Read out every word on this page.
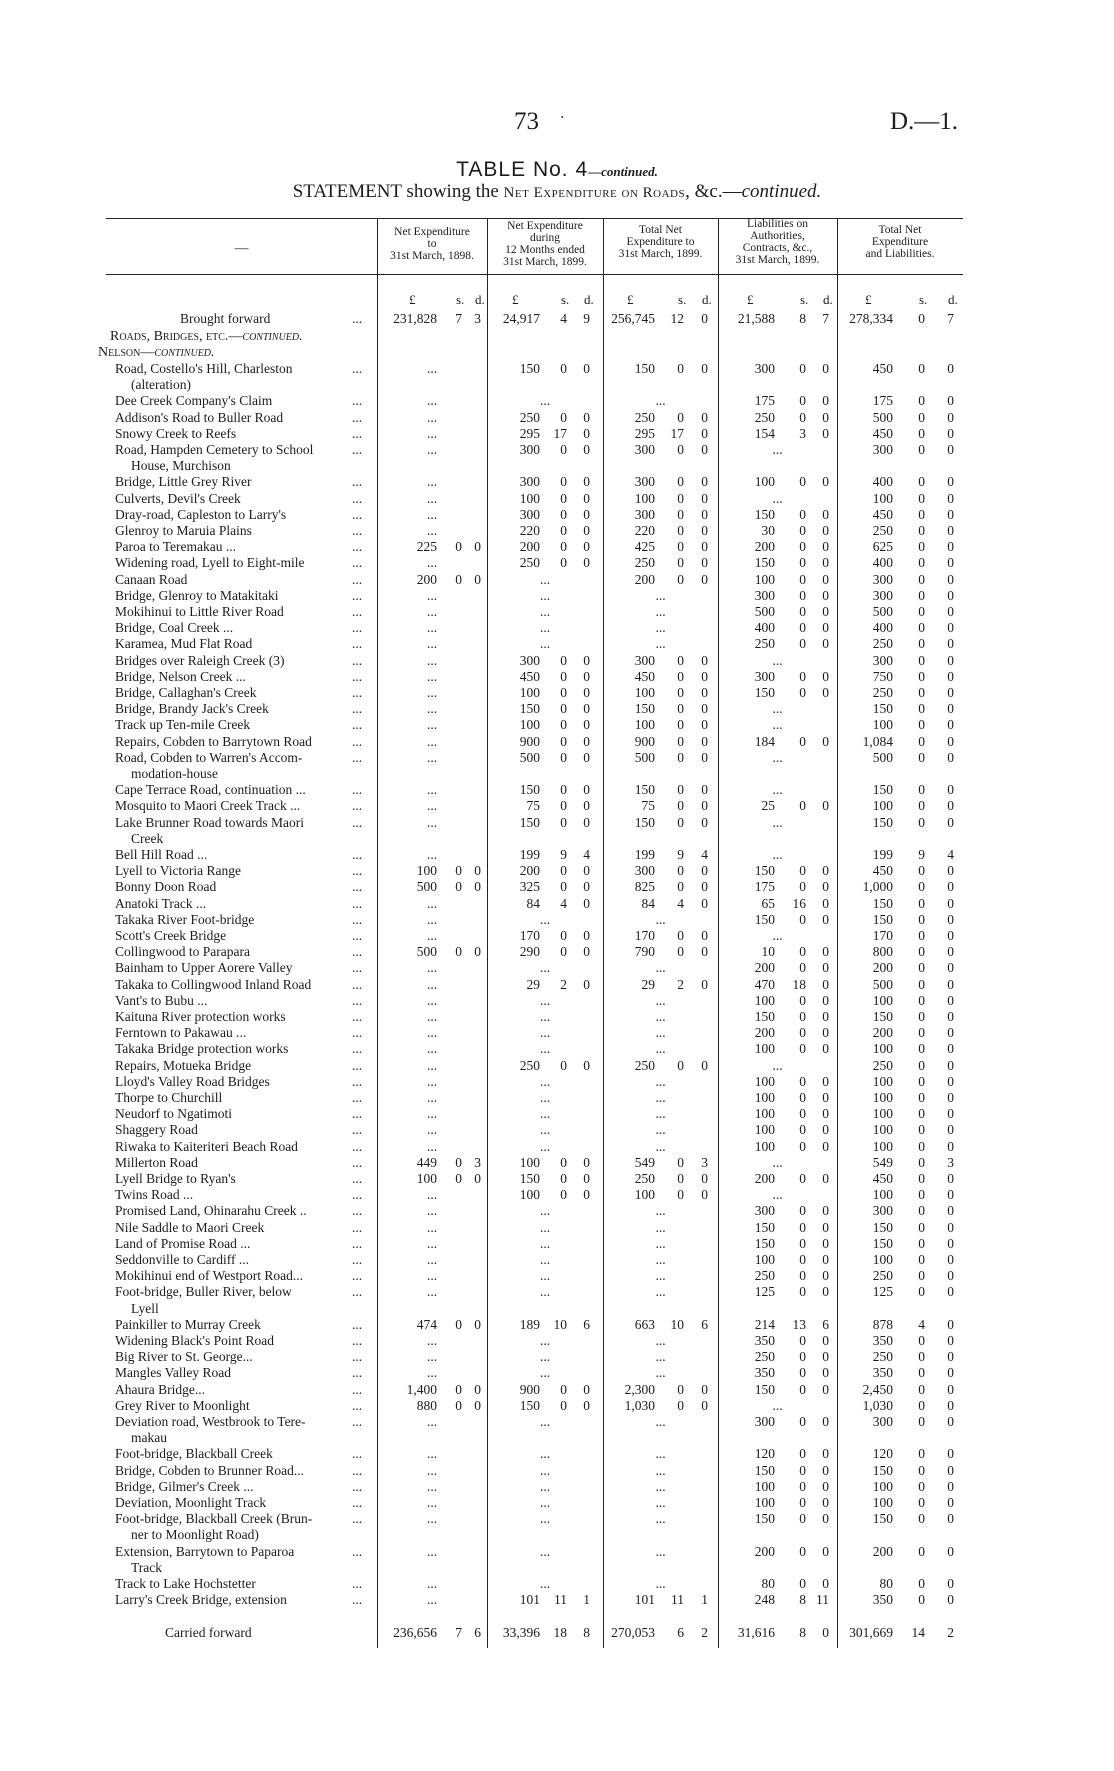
73 ·	D.—1.
TABLE No. 4—continued.
STATEMENT showing the Net Expenditure on Roads, &c.—continued.
—
Net Expenditure
to
31st March, 1898.
Net Expenditure
during
12 Months ended
31st March, 1899.
Total Net
Expenditure to
31st March, 1899.
Liabilities on
Authorities,
Contracts, &c.,
31st March, 1899.
Total Net
Expenditure
and Liabilities.
£	s. d. £	s. d.	£	s. d.	£	s. d. £	s. d.
Brought forward	...	231,828	7 3	24,917	4	9	256,745	12	0	21,588	8	7	278,334	0	7
Roads, Bridges, etc.—continued.
Nelson—continued.
Road, Costello's Hill, Charleston
(alteration)
...	...	150	0	0	150	0	0	300	0	0	450	0	0
Dee Creek Company's Claim	...	...	...	...	175	0	0	175	0	0
Addison's Road to Buller Road	...	...	250	0	0	250	0	0	250	0	0	500	0	0
Snowy Creek to Reefs	...	...	295	17	0	295	17	0	154	3	0	450	0	0
Road, Hampden Cemetery to School
House, Murchison
...	...	300	0	0	300	0	0	...	300	0	0
Bridge, Little Grey River	...	...	300	0	0	300	0	0	100	0	0	400	0	0
Culverts, Devil's Creek	...	...	100	0	0	100	0	0	...	100	0	0
Dray-road, Capleston to Larry's	...	...	300	0	0	300	0	0	150	0	0	450	0	0
Glenroy to Maruia Plains	...	...	220	0	0	220	0	0	30	0	0	250	0	0
Paroa to Teremakau ...	...	225	0 0	200	0	0	425	0	0	200	0	0	625	0	0
Widening road, Lyell to Eight-mile	...	...	250	0	0	250	0	0	150	0	0	400	0	0
Canaan Road	...	200	0 0	...	200	0	0	100	0	0	300	0	0
Bridge, Glenroy to Matakitaki	...	...	...	...	300	0	0	300	0	0
Mokihinui to Little River Road	...	...	...	...	500	0	0	500	0	0
Bridge, Coal Creek ...	...	...	...	...	400	0	0	400	0	0
Karamea, Mud Flat Road	...	...	...	...	250	0	0	250	0	0
Bridges over Raleigh Creek (3)	...	...	300	0	0	300	0	0	...	300	0	0
Bridge, Nelson Creek ...	...	...	450	0	0	450	0	0	300	0	0	750	0	0
Bridge, Callaghan's Creek	...	...	100	0	0	100	0	0	150	0	0	250	0	0
Bridge, Brandy Jack's Creek	...	...	150	0	0	150	0	0	...	150	0	0
Track up Ten-mile Creek	...	...	100	0	0	100	0	0	...	100	0	0
Repairs, Cobden to Barrytown Road	...	...	900	0	0	900	0	0	184	0	0	1,084	0	0
Road, Cobden to Warren's Accom-
modation-house
...	...	500	0	0	500	0	0	...	500	0	0
Cape Terrace Road, continuation ...	...	...	150	0	0	150	0	0	...	150	0	0
Mosquito to Maori Creek Track ...	...	...	75	0	0	75	0	0	25	0	0	100	0	0
Lake Brunner Road towards Maori
Creek
...	...	150	0	0	150	0	0	...	150	0	0
Bell Hill Road ...	...	...	199	9	4	199	9	4	...	199	9	4
Lyell to Victoria Range	...	100	0 0	200	0	0	300	0	0	150	0	0	450	0	0
Bonny Doon Road	...	500	0 0	325	0	0	825	0	0	175	0	0	1,000	0	0
Anatoki Track ...	...	...	84	4	0	84	4	0	65	16	0	150	0	0
Takaka River Foot-bridge	...	...	...	...	150	0	0	150	0	0
Scott's Creek Bridge	...	...	170	0	0	170	0	0	...	170	0	0
Collingwood to Parapara	...	500	0 0	290	0	0	790	0	0	10	0	0	800	0	0
Bainham to Upper Aorere Valley	...	...	...	...	200	0	0	200	0	0
Takaka to Collingwood Inland Road	...	...	29	2	0	29	2	0	470	18	0	500	0	0
Vant's to Bubu ...	...	...	...	...	100	0	0	100	0	0
Kaituna River protection works	...	...	...	...	150	0	0	150	0	0
Ferntown to Pakawau ...	...	...	...	...	200	0	0	200	0	0
Takaka Bridge protection works	...	...	...	...	100	0	0	100	0	0
Repairs, Motueka Bridge	...	...	250	0	0	250	0	0	...	250	0	0
Lloyd's Valley Road Bridges	...	...	...	...	100	0	0	100	0	0
Thorpe to Churchill	...	...	...	...	100	0	0	100	0	0
Neudorf to Ngatimoti	...	...	...	...	100	0	0	100	0	0
Shaggery Road	...	...	...	...	100	0	0	100	0	0
Riwaka to Kaiteriteri Beach Road	...	...	...	...	100	0	0	100	0	0
Millerton Road	...	449	0 3	100	0	0	549	0	3	...	549	0	3
Lyell Bridge to Ryan's	...	100	0 0	150	0	0	250	0	0	200	0	0	450	0	0
Twins Road ...	...	...	100	0	0	100	0	0	...	100	0	0
Promised Land, Ohinarahu Creek ..	...	...	...	...	300	0	0	300	0	0
Nile Saddle to Maori Creek	...	...	...	...	150	0	0	150	0	0
Land of Promise Road ...	...	...	...	...	150	0	0	150	0	0
Seddonville to Cardiff ...	...	...	...	...	100	0	0	100	0	0
Mokihinui end of Westport Road...	...	...	...	...	250	0	0	250	0	0
Foot-bridge, Buller River, below
Lyell
...	...	...	...	125	0	0	125	0	0
Painkiller to Murray Creek	...	474	0 0	189	10	6	663	10	6	214	13	6	878	4	0
Widening Black's Point Road	...	...	...	...	350	0	0	350	0	0
Big River to St. George...	...	...	...	...	250	0	0	250	0	0
Mangles Valley Road	...	...	...	...	350	0	0	350	0	0
Ahaura Bridge...	...	1,400	0 0	900	0	0	2,300	0	0	150	0	0	2,450	0	0
Grey River to Moonlight	...	880	0 0	150	0	0	1,030	0	0	...	1,030	0	0
Deviation road, Westbrook to Tere-
makau
...	...	...	...	300	0	0	300	0	0
Foot-bridge, Blackball Creek	...	...	...	...	120	0	0	120	0	0
Bridge, Cobden to Brunner Road...	...	...	...	...	150	0	0	150	0	0
Bridge, Gilmer's Creek ...	...	...	...	...	100	0	0	100	0	0
Deviation, Moonlight Track	...	...	...	...	100	0	0	100	0	0
Foot-bridge, Blackball Creek (Brun-
ner to Moonlight Road)
...	...	...	...	150	0	0	150	0	0
Extension, Barrytown to Paparoa
Track
...	...	...	...	200	0	0	200	0	0
Track to Lake Hochstetter	...	...	...	...	80	0	0	80	0	0
Larry's Creek Bridge, extension	...	...	101	11	1	101	11	1	248	8 11	350	0	0
Carried forward	236,656	7 6	33,396	18	8	270,053	6	2	31,616	8	0	301,669	14	2
